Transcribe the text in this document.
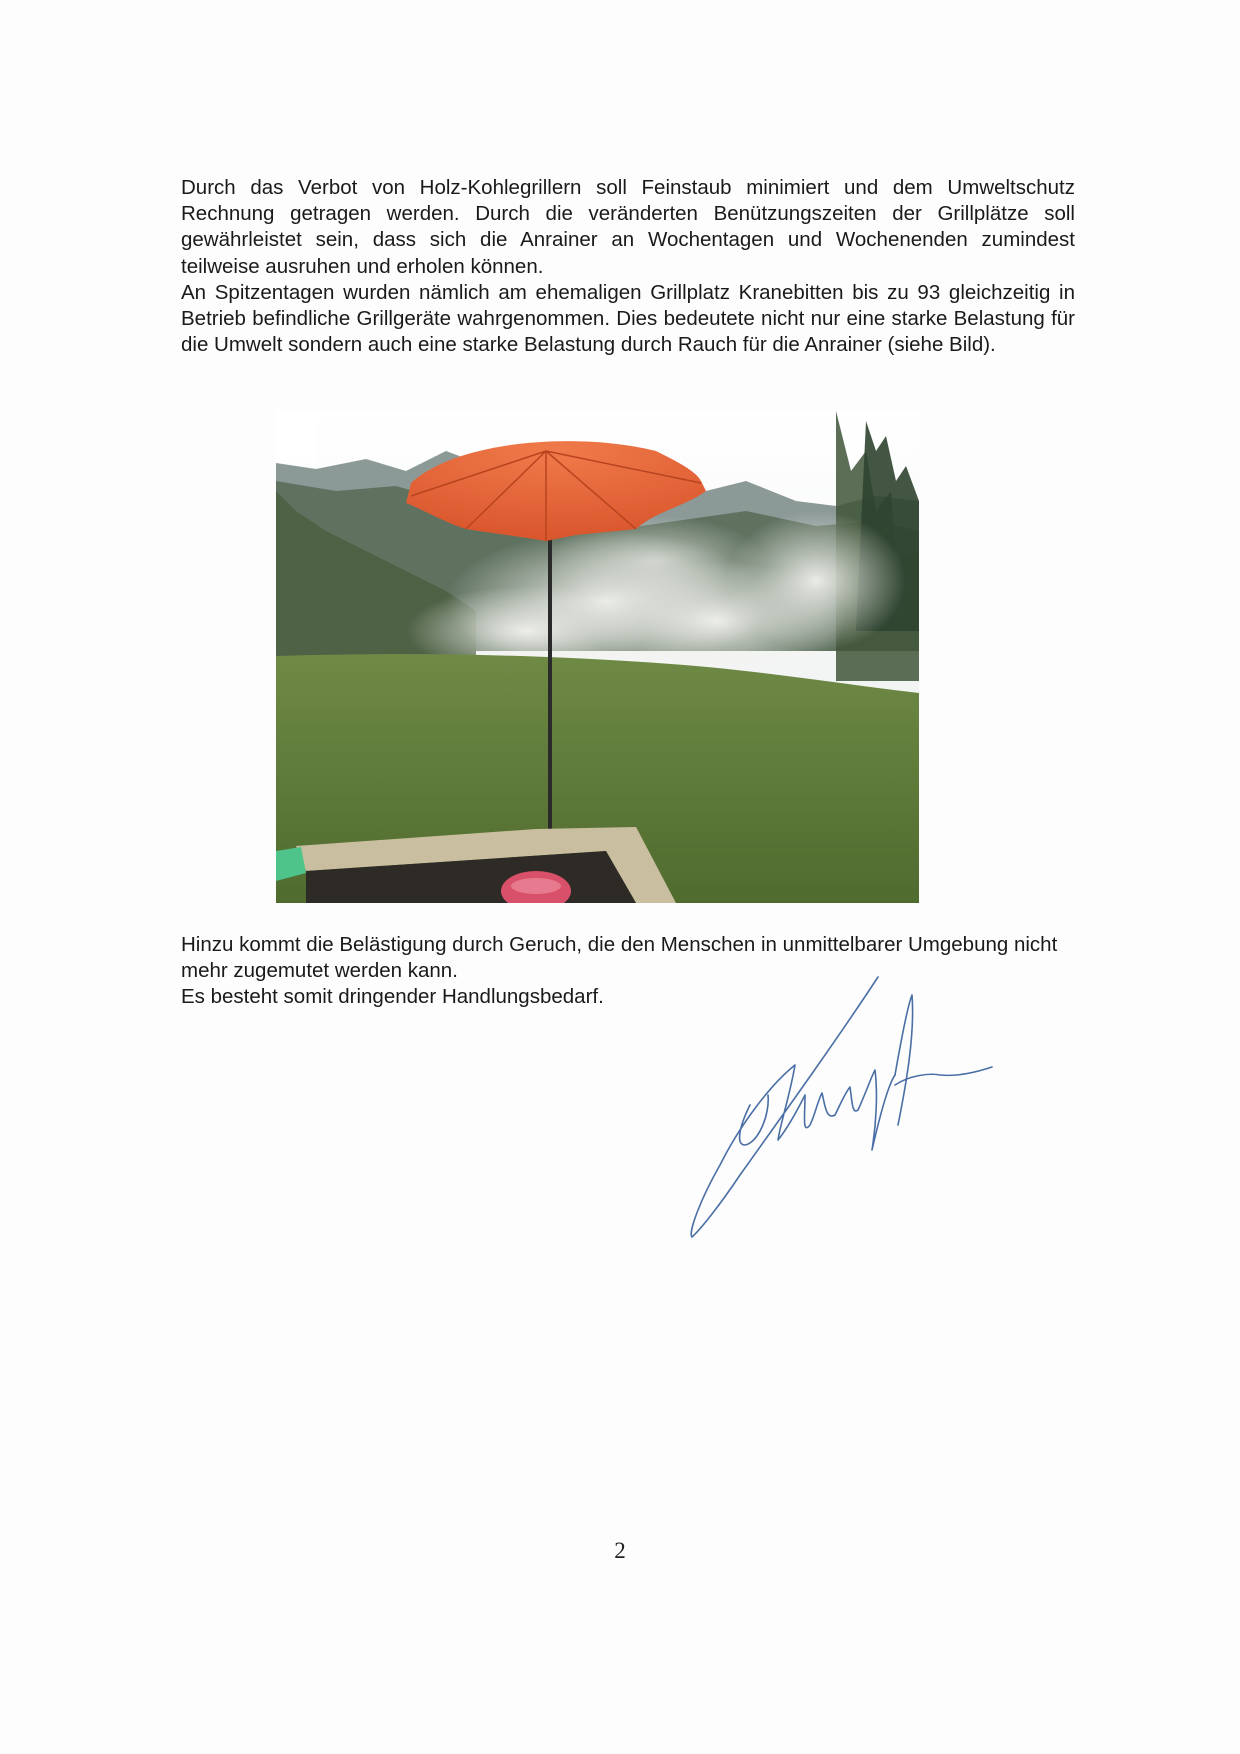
Durch das Verbot von Holz-Kohlegrillern soll Feinstaub minimiert und dem Umweltschutz Rechnung getragen werden. Durch die veränderten Benützungszeiten der Grillplätze soll gewährleistet sein, dass sich die Anrainer an Wochentagen und Wochenenden zumindest teilweise ausruhen und erholen können.

An Spitzentagen wurden nämlich am ehemaligen Grillplatz Kranebitten bis zu 93 gleichzeitig in Betrieb befindliche Grillgeräte wahrgenommen. Dies bedeutete nicht nur eine starke Belastung für die Umwelt sondern auch eine starke Belastung durch Rauch für die Anrainer (siehe Bild).

Hinzu kommt die Belästigung durch Geruch, die den Menschen in unmittelbarer Umgebung nicht mehr zugemutet werden kann.

Es besteht somit dringender Handlungsbedarf.

2
